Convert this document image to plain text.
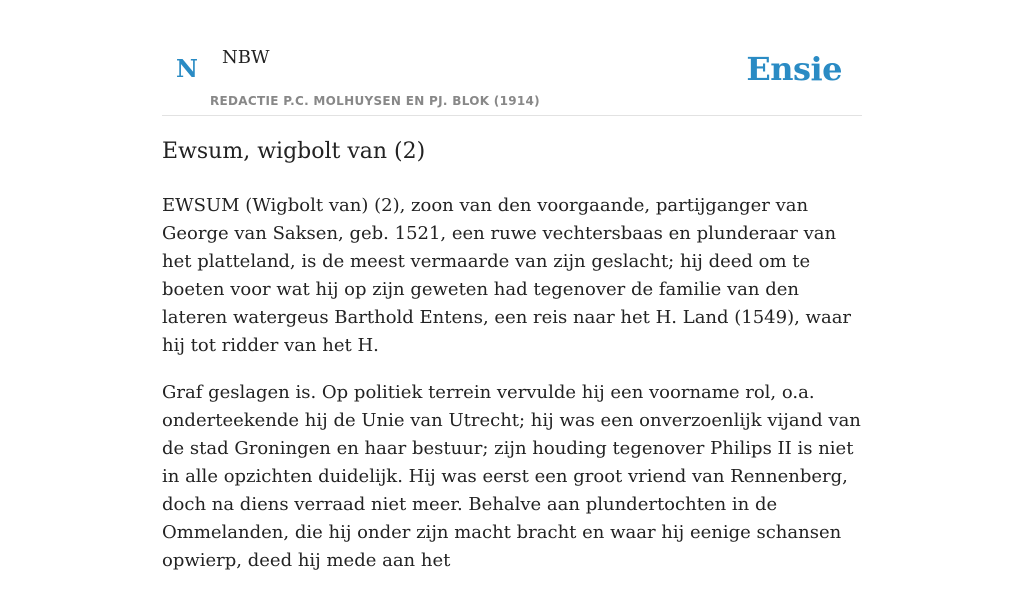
N NBW
REDACTIE P.C. MOLHUYSEN EN PJ. BLOK (1914)
Ensie
Ewsum, wigbolt van (2)

EWSUM (Wigbolt van) (2), zoon van den voorgaande, partijganger van George van Saksen, geb. 1521, een ruwe vechtersbaas en plunderaar van het platteland, is de meest vermaarde van zijn geslacht; hij deed om te boeten voor wat hij op zijn geweten had tegenover de familie van den lateren watergeus Barthold Entens, een reis naar het H. Land (1549), waar hij tot ridder van het H.

Graf geslagen is. Op politiek terrein vervulde hij een voorname rol, o.a. onderteekende hij de Unie van Utrecht; hij was een onverzoenlijk vijand van de stad Groningen en haar bestuur; zijn houding tegenover Philips II is niet in alle opzichten duidelijk. Hij was eerst een groot vriend van Rennenberg, doch na diens verraad niet meer. Behalve aan plundertochten in de Ommelanden, die hij onder zijn macht bracht en waar hij eenige schansen opwierp, deed hij mede aan het
